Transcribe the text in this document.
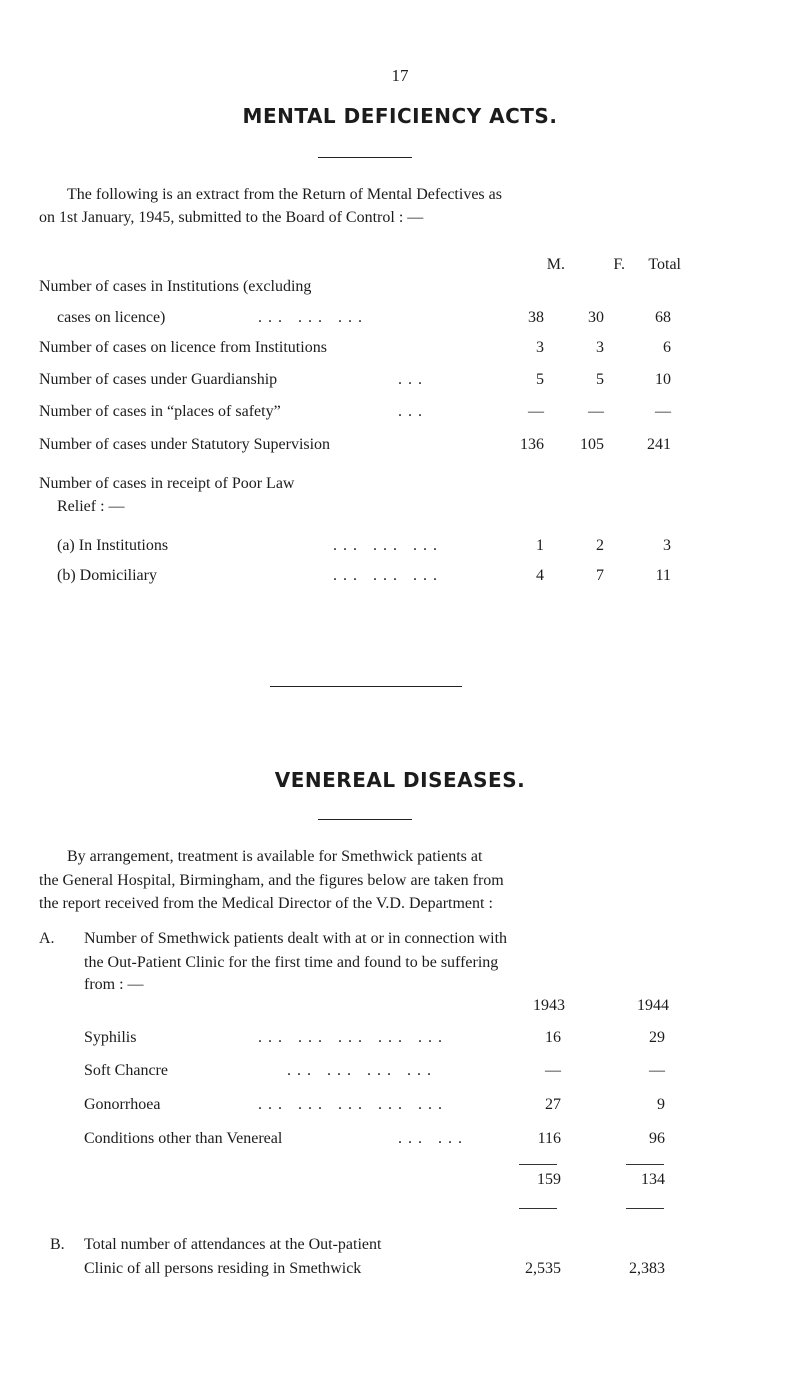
17
MENTAL DEFICIENCY ACTS.
The following is an extract from the Return of Mental Defectives as
on 1st January, 1945, submitted to the Board of Control : —
M.	F.	Total
Number of cases in Institutions (excluding
cases on licence)	... ... ...	38	30	68
Number of cases on licence from Institutions	3	3	6
Number of cases under Guardianship	...	5	5	10
Number of cases in “places of safety”	...	—	—	—
Number of cases under Statutory Supervision	136	105	241
Number of cases in receipt of Poor Law
Relief : —
(a) In Institutions	... ... ...	1	2	3
(b) Domiciliary	... ... ...	4	7	11
VENEREAL DISEASES.
By arrangement, treatment is available for Smethwick patients at
the General Hospital, Birmingham, and the figures below are taken from
the report received from the Medical Director of the V.D. Department :
A. Number of Smethwick patients dealt with at or in connection with
the Out-Patient Clinic for the first time and found to be suffering
from : —
1943	1944
Syphilis	... ... ... ... ...	16	29
Soft Chancre	... ... ... ...	—	—
Gonorrhoea	... ... ... ... ...	27	9
Conditions other than Venereal	... ...	116	96
159	134
B. Total number of attendances at the Out-patient
Clinic of all persons residing in Smethwick	2,535	2,383
